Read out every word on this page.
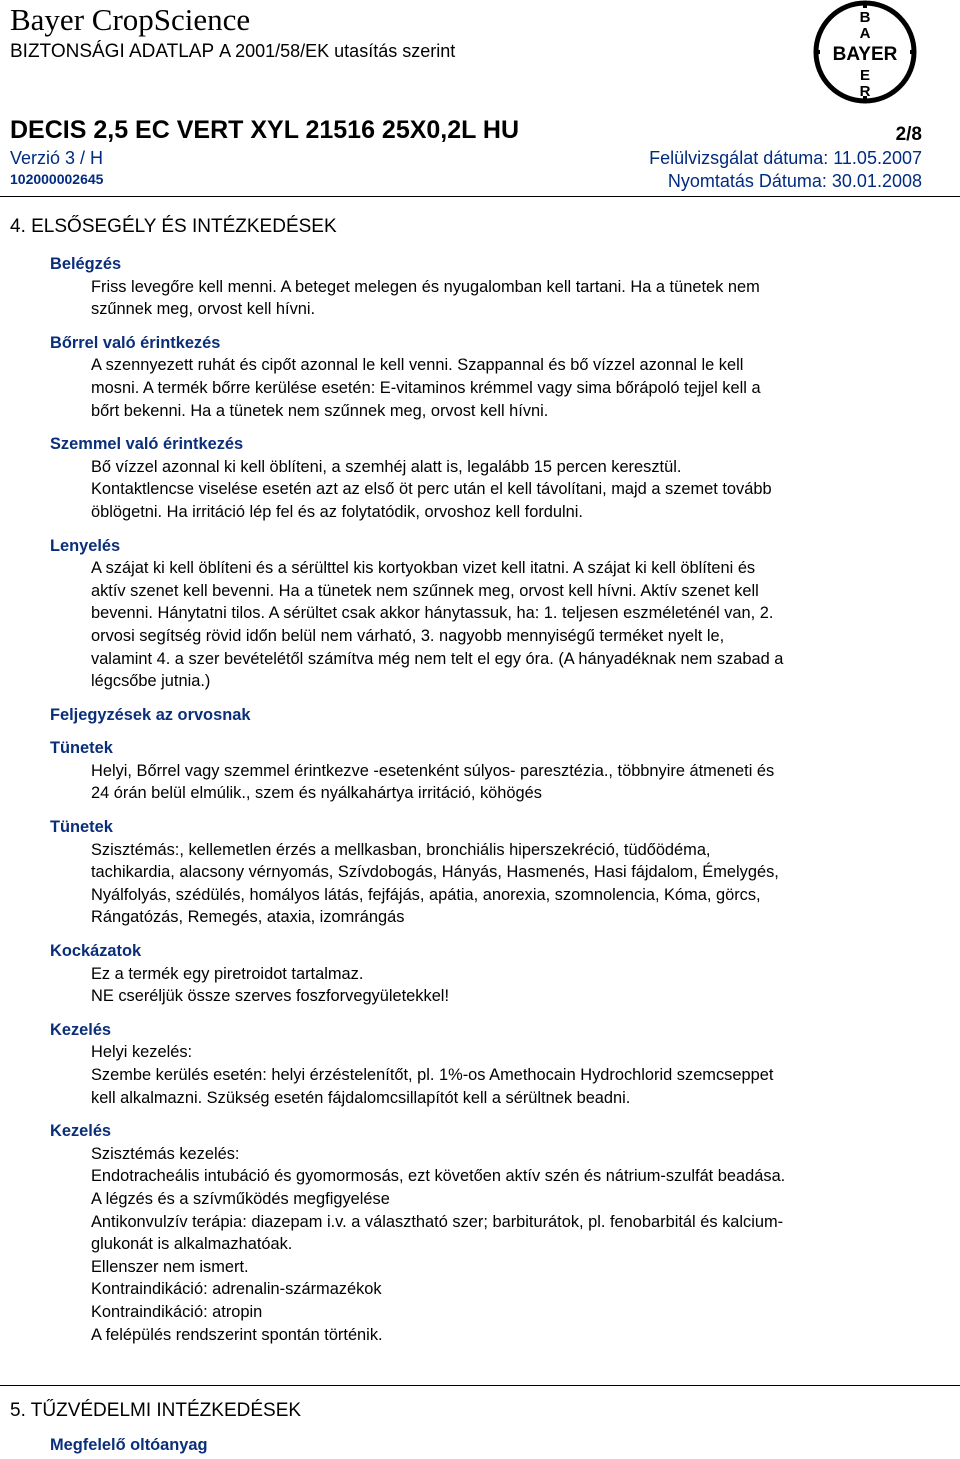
Bayer CropScience
BIZTONSÁGI ADATLAP A 2001/58/EK utasítás szerint
B
A
BAYER
E
R
DECIS 2,5 EC VERT XYL 21516 25X0,2L HU	2/8
Verzió 3 / H	Felülvizsgálat dátuma: 11.05.2007
102000002645	Nyomtatás Dátuma: 30.01.2008
4. ELSŐSEGÉLY ÉS INTÉZKEDÉSEK
Belégzés

Friss levegőre kell menni. A beteget melegen és nyugalomban kell tartani. Ha a tünetek nem
szűnnek meg, orvost kell hívni.

Bőrrel való érintkezés

A szennyezett ruhát és cipőt azonnal le kell venni. Szappannal és bő vízzel azonnal le kell
mosni. A termék bőrre kerülése esetén: E-vitaminos krémmel vagy sima bőrápoló tejjel kell a
bőrt bekenni. Ha a tünetek nem szűnnek meg, orvost kell hívni.

Szemmel való érintkezés

Bő vízzel azonnal ki kell öblíteni, a szemhéj alatt is, legalább 15 percen keresztül.
Kontaktlencse viselése esetén azt az első öt perc után el kell távolítani, majd a szemet tovább
öblögetni. Ha irritáció lép fel és az folytatódik, orvoshoz kell fordulni.

Lenyelés

A szájat ki kell öblíteni és a sérülttel kis kortyokban vizet kell itatni. A szájat ki kell öblíteni és
aktív szenet kell bevenni. Ha a tünetek nem szűnnek meg, orvost kell hívni. Aktív szenet kell
bevenni. Hánytatni tilos. A sérültet csak akkor hánytassuk, ha: 1. teljesen eszméleténél van, 2.
orvosi segítség rövid időn belül nem várható, 3. nagyobb mennyiségű terméket nyelt le,
valamint 4. a szer bevételétől számítva még nem telt el egy óra. (A hányadéknak nem szabad a
légcsőbe jutnia.)

Feljegyzések az orvosnak
Tünetek

Helyi, Bőrrel vagy szemmel érintkezve -esetenként súlyos- paresztézia., többnyire átmeneti és
24 órán belül elmúlik., szem és nyálkahártya irritáció, köhögés

Tünetek

Szisztémás:, kellemetlen érzés a mellkasban, bronchiális hiperszekréció, tüdőödéma,
tachikardia, alacsony vérnyomás, Szívdobogás, Hányás, Hasmenés, Hasi fájdalom, Émelygés,
Nyálfolyás, szédülés, homályos látás, fejfájás, apátia, anorexia, szomnolencia, Kóma, görcs,
Rángatózás, Remegés, ataxia, izomrángás

Kockázatok

Ez a termék egy piretroidot tartalmaz.
NE cseréljük össze szerves foszforvegyületekkel!

Kezelés

Helyi kezelés:
Szembe kerülés esetén: helyi érzéstelenítőt, pl. 1%-os Amethocain Hydrochlorid szemcseppet
kell alkalmazni. Szükség esetén fájdalomcsillapítót kell a sérültnek beadni.

Kezelés

Szisztémás kezelés:
Endotracheális intubáció és gyomormosás, ezt követően aktív szén és nátrium-szulfát beadása.
A légzés és a szívműködés megfigyelése
Antikonvulzív terápia: diazepam i.v. a választható szer; barbiturátok, pl. fenobarbitál és kalcium-
glukonát is alkalmazhatóak.
Ellenszer nem ismert.
Kontraindikáció: adrenalin-származékok
Kontraindikáció: atropin
A felépülés rendszerint spontán történik.

5. TŰZVÉDELMI INTÉZKEDÉSEK
Megfelelő oltóanyag
